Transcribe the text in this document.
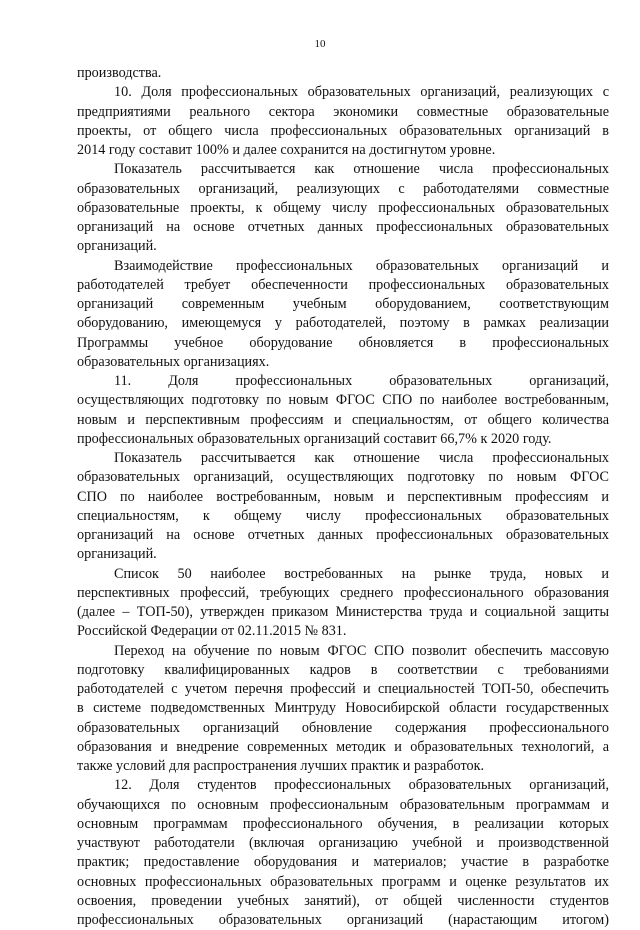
10
производства.
10. Доля профессиональных образовательных организаций, реализующих с
предприятиями реального сектора экономики совместные образовательные
проекты, от общего числа профессиональных образовательных организаций в
2014 году составит 100% и далее сохранится на достигнутом уровне.
Показатель рассчитывается как отношение числа профессиональных
образовательных организаций, реализующих с работодателями совместные
образовательные проекты, к общему числу профессиональных образовательных
организаций на основе отчетных данных профессиональных образовательных
организаций.
Взаимодействие профессиональных образовательных организаций и
работодателей требует обеспеченности профессиональных образовательных
организаций современным учебным оборудованием, соответствующим
оборудованию, имеющемуся у работодателей, поэтому в рамках реализации
Программы учебное оборудование обновляется в профессиональных
образовательных организациях.
11. Доля профессиональных образовательных организаций,
осуществляющих подготовку по новым ФГОС СПО по наиболее востребованным,
новым и перспективным профессиям и специальностям, от общего количества
профессиональных образовательных организаций составит 66,7% к 2020 году.
Показатель рассчитывается как отношение числа профессиональных
образовательных организаций, осуществляющих подготовку по новым ФГОС
СПО по наиболее востребованным, новым и перспективным профессиям и
специальностям, к общему числу профессиональных образовательных
организаций на основе отчетных данных профессиональных образовательных
организаций.
Список 50 наиболее востребованных на рынке труда, новых и
перспективных профессий, требующих среднего профессионального образования
(далее – ТОП-50), утвержден приказом Министерства труда и социальной защиты
Российской Федерации от 02.11.2015 № 831.
Переход на обучение по новым ФГОС СПО позволит обеспечить массовую
подготовку квалифицированных кадров в соответствии с требованиями
работодателей с учетом перечня профессий и специальностей ТОП-50, обеспечить
в системе подведомственных Минтруду Новосибирской области государственных
образовательных организаций обновление содержания профессионального
образования и внедрение современных методик и образовательных технологий, а
также условий для распространения лучших практик и разработок.
12. Доля студентов профессиональных образовательных организаций,
обучающихся по основным профессиональным образовательным программам и
основным программам профессионального обучения, в реализации которых
участвуют работодатели (включая организацию учебной и производственной
практик; предоставление оборудования и материалов; участие в разработке
основных профессиональных образовательных программ и оценке результатов их
освоения, проведении учебных занятий), от общей численности студентов
профессиональных образовательных организаций (нарастающим итогом)
